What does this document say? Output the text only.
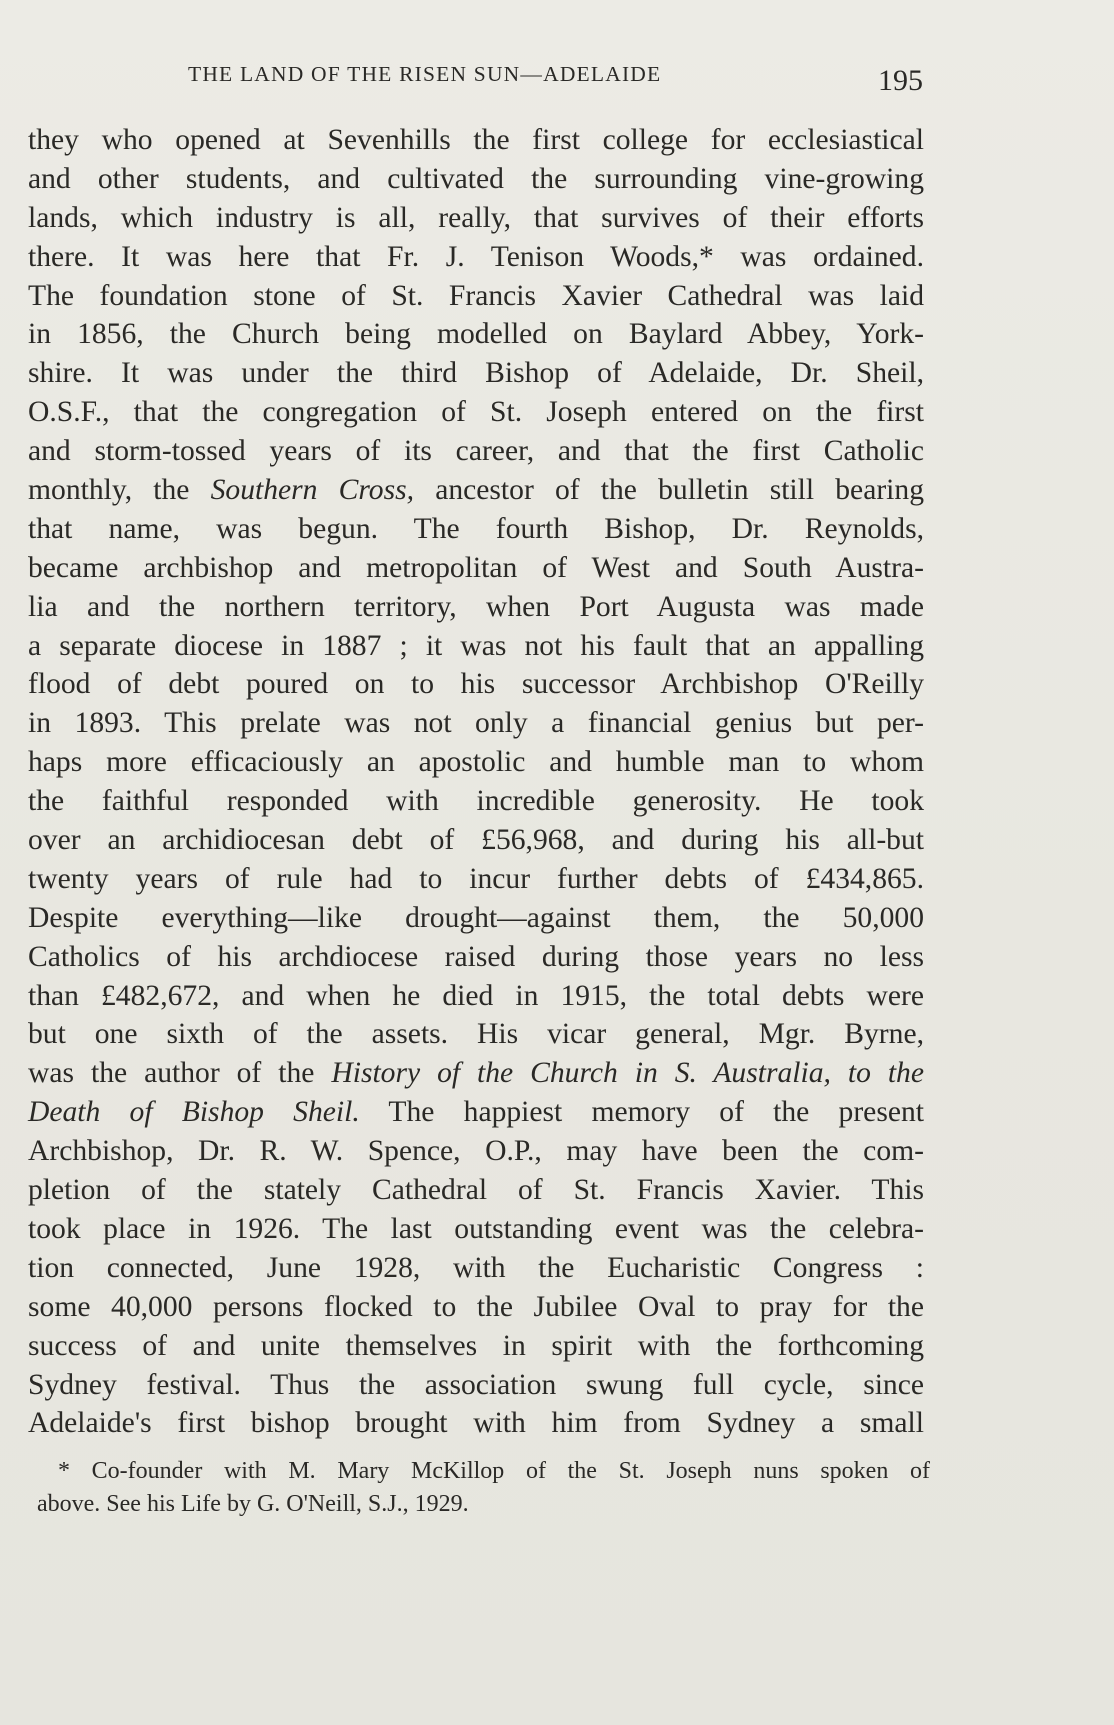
THE LAND OF THE RISEN SUN—ADELAIDE	195
they who opened at Sevenhills the first college for ecclesiastical
and other students, and cultivated the surrounding vine-growing
lands, which industry is all, really, that survives of their efforts
there. It was here that Fr. J. Tenison Woods,* was ordained.
The foundation stone of St. Francis Xavier Cathedral was laid
in 1856, the Church being modelled on Baylard Abbey, York-
shire. It was under the third Bishop of Adelaide, Dr. Sheil,
O.S.F., that the congregation of St. Joseph entered on the first
and storm-tossed years of its career, and that the first Catholic
monthly, the Southern Cross, ancestor of the bulletin still bearing
that name, was begun. The fourth Bishop, Dr. Reynolds,
became archbishop and metropolitan of West and South Austra-
lia and the northern territory, when Port Augusta was made
a separate diocese in 1887 ; it was not his fault that an appalling
flood of debt poured on to his successor Archbishop O'Reilly
in 1893. This prelate was not only a financial genius but per-
haps more efficaciously an apostolic and humble man to whom
the faithful responded with incredible generosity. He took
over an archidiocesan debt of £56,968, and during his all-but
twenty years of rule had to incur further debts of £434,865.
Despite everything—like drought—against them, the 50,000
Catholics of his archdiocese raised during those years no less
than £482,672, and when he died in 1915, the total debts were
but one sixth of the assets. His vicar general, Mgr. Byrne,
was the author of the History of the Church in S. Australia, to the
Death of Bishop Sheil. The happiest memory of the present
Archbishop, Dr. R. W. Spence, O.P., may have been the com-
pletion of the stately Cathedral of St. Francis Xavier. This
took place in 1926. The last outstanding event was the celebra-
tion connected, June 1928, with the Eucharistic Congress :
some 40,000 persons flocked to the Jubilee Oval to pray for the
success of and unite themselves in spirit with the forthcoming
Sydney festival. Thus the association swung full cycle, since
Adelaide's first bishop brought with him from Sydney a small
* Co-founder with M. Mary McKillop of the St. Joseph nuns spoken of
above. See his Life by G. O'Neill, S.J., 1929.
